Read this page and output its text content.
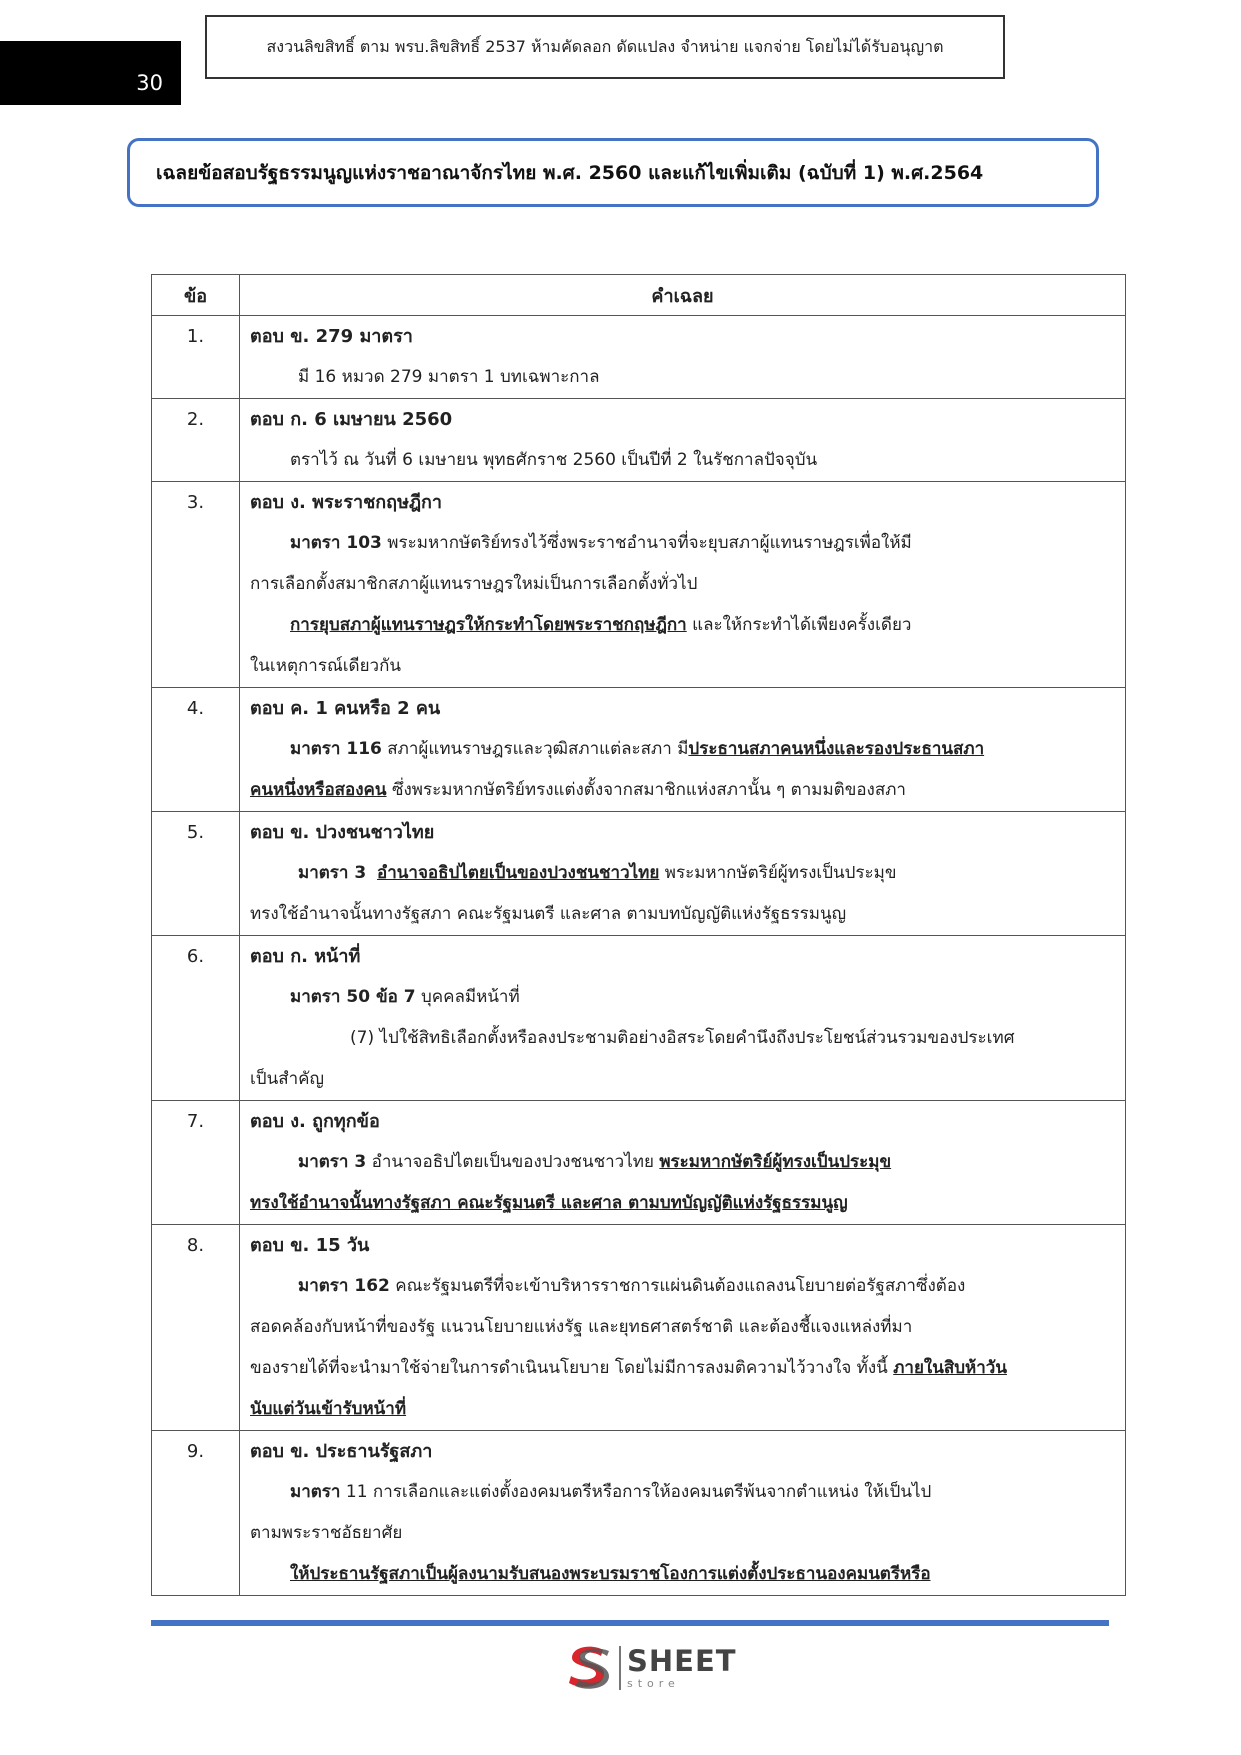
30
สงวนลิขสิทธิ์ ตาม พรบ.ลิขสิทธิ์ 2537 ห้ามคัดลอก ดัดแปลง จำหน่าย แจกจ่าย โดยไม่ได้รับอนุญาต
เฉลยข้อสอบรัฐธรรมนูญแห่งราชอาณาจักรไทย พ.ศ. 2560 และแก้ไขเพิ่มเติม (ฉบับที่ 1) พ.ศ.2564
ข้อ	คำเฉลย
1.	ตอบ ข. 279 มาตรา
มี 16 หมวด 279 มาตรา 1 บทเฉพาะกาล

2.	ตอบ ก. 6 เมษายน 2560
ตราไว้ ณ วันที่ 6 เมษายน พุทธศักราช 2560 เป็นปีที่ 2 ในรัชกาลปัจจุบัน

3.	ตอบ ง. พระราชกฤษฎีกา
มาตรา 103 พระมหากษัตริย์ทรงไว้ซึ่งพระราชอำนาจที่จะยุบสภาผู้แทนราษฎรเพื่อให้มี
การเลือกตั้งสมาชิกสภาผู้แทนราษฎรใหม่เป็นการเลือกตั้งทั่วไป
การยุบสภาผู้แทนราษฎรให้กระทำโดยพระราชกฤษฎีกา และให้กระทำได้เพียงครั้งเดียว
ในเหตุการณ์เดียวกัน

4.	ตอบ ค. 1 คนหรือ 2 คน
มาตรา 116 สภาผู้แทนราษฎรและวุฒิสภาแต่ละสภา มีประธานสภาคนหนึ่งและรองประธานสภา
คนหนึ่งหรือสองคน ซึ่งพระมหากษัตริย์ทรงแต่งตั้งจากสมาชิกแห่งสภานั้น ๆ ตามมติของสภา

5.	ตอบ ข. ปวงชนชาวไทย
มาตรา 3 อำนาจอธิปไตยเป็นของปวงชนชาวไทย พระมหากษัตริย์ผู้ทรงเป็นประมุข
ทรงใช้อำนาจนั้นทางรัฐสภา คณะรัฐมนตรี และศาล ตามบทบัญญัติแห่งรัฐธรรมนูญ

6.	ตอบ ก. หน้าที่
มาตรา 50 ข้อ 7 บุคคลมีหน้าที่
(7) ไปใช้สิทธิเลือกตั้งหรือลงประชามติอย่างอิสระโดยคำนึงถึงประโยชน์ส่วนรวมของประเทศ
เป็นสำคัญ

7.	ตอบ ง. ถูกทุกข้อ
มาตรา 3 อำนาจอธิปไตยเป็นของปวงชนชาวไทย พระมหากษัตริย์ผู้ทรงเป็นประมุข
ทรงใช้อำนาจนั้นทางรัฐสภา คณะรัฐมนตรี และศาล ตามบทบัญญัติแห่งรัฐธรรมนูญ

8.	ตอบ ข. 15 วัน
มาตรา 162 คณะรัฐมนตรีที่จะเข้าบริหารราชการแผ่นดินต้องแถลงนโยบายต่อรัฐสภาซึ่งต้อง
สอดคล้องกับหน้าที่ของรัฐ แนวนโยบายแห่งรัฐ และยุทธศาสตร์ชาติ และต้องชี้แจงแหล่งที่มา
ของรายได้ที่จะนำมาใช้จ่ายในการดำเนินนโยบาย โดยไม่มีการลงมติความไว้วางใจ ทั้งนี้ ภายในสิบห้าวัน
นับแต่วันเข้ารับหน้าที่

9.	ตอบ ข. ประธานรัฐสภา
มาตรา 11 การเลือกและแต่งตั้งองคมนตรีหรือการให้องคมนตรีพ้นจากตำแหน่ง ให้เป็นไป
ตามพระราชอัธยาศัย
ให้ประธานรัฐสภาเป็นผู้ลงนามรับสนองพระบรมราชโองการแต่งตั้งประธานองคมนตรีหรือ
SHEET
store
